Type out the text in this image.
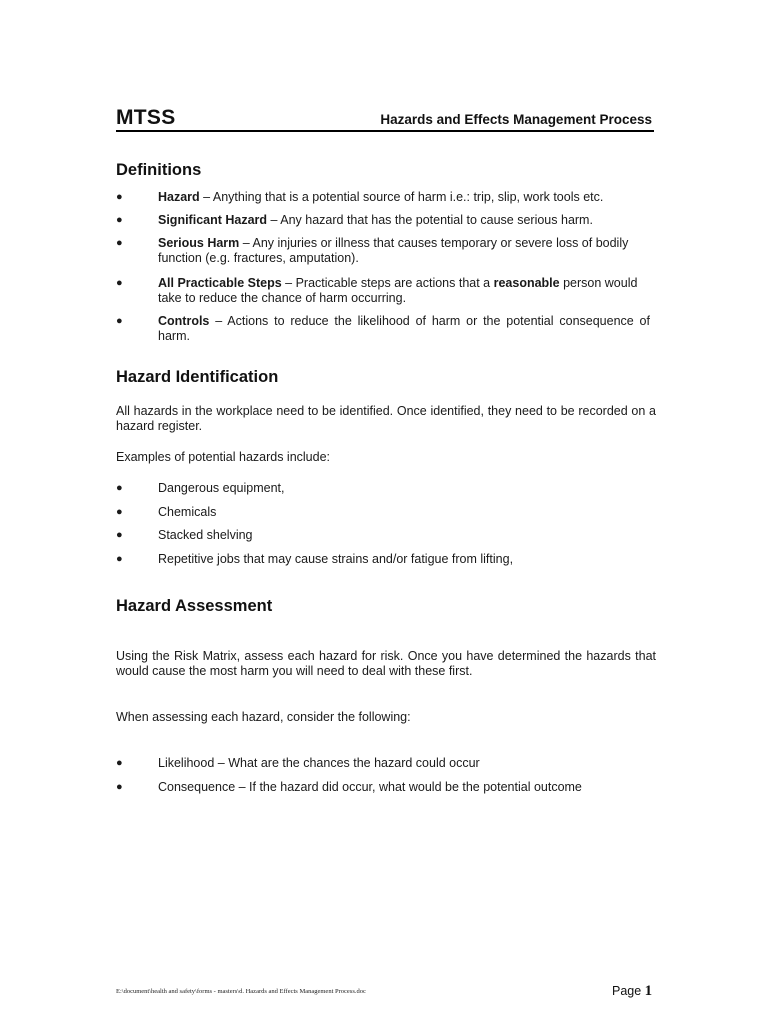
MTSS	Hazards and Effects Management Process
Definitions
●	Hazard – Anything that is a potential source of harm i.e.: trip, slip, work tools etc.
●	Significant Hazard – Any hazard that has the potential to cause serious harm.
●	Serious Harm – Any injuries or illness that causes temporary or severe loss of bodily function (e.g. fractures, amputation).
●	All Practicable Steps – Practicable steps are actions that a reasonable person would take to reduce the chance of harm occurring.
●	Controls – Actions to reduce the likelihood of harm or the potential consequence of harm.
Hazard Identification
All hazards in the workplace need to be identified. Once identified, they need to be recorded on a hazard register.
Examples of potential hazards include:
●	Dangerous equipment,
●	Chemicals
●	Stacked shelving
●	Repetitive jobs that may cause strains and/or fatigue from lifting,
Hazard Assessment
Using the Risk Matrix, assess each hazard for risk. Once you have determined the hazards that would cause the most harm you will need to deal with these first.
When assessing each hazard, consider the following:
●	Likelihood – What are the chances the hazard could occur
●	Consequence – If the hazard did occur, what would be the potential outcome
E:\document\health and safety\forms - masters\d. Hazards and Effects Management Process.doc	Page 1
